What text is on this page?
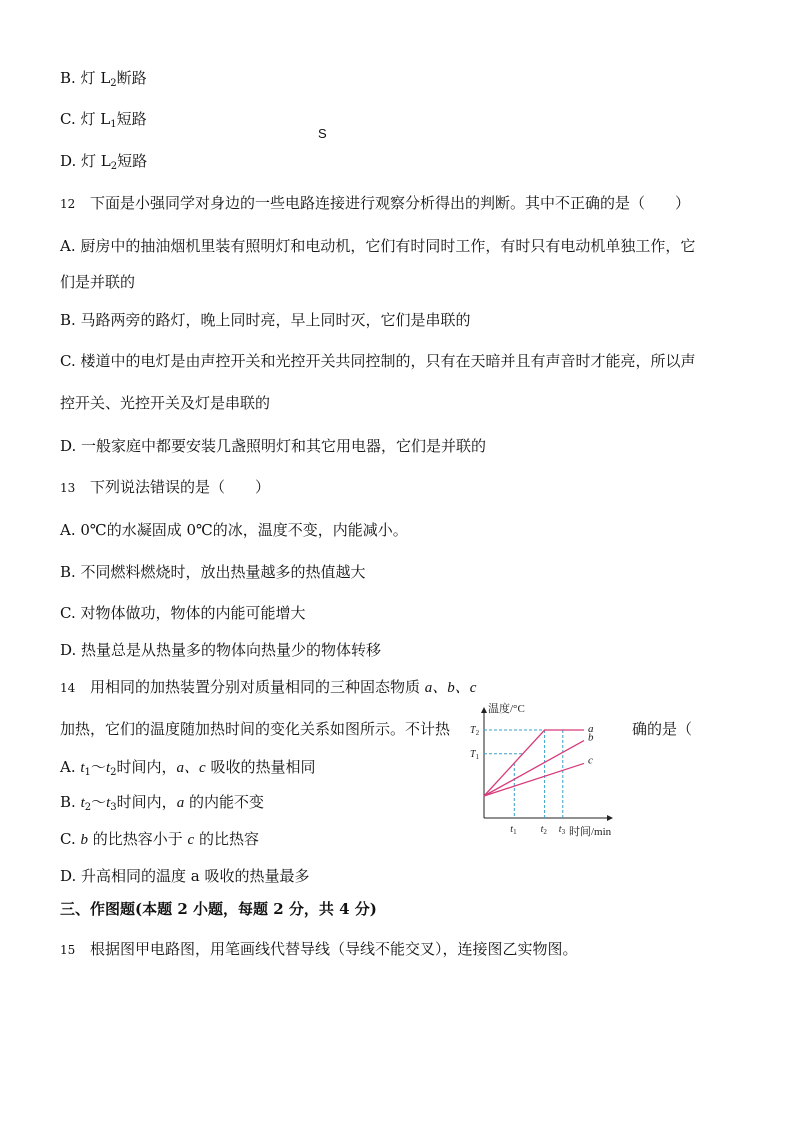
B. 灯 $L_2$断路
C. 灯 $L_1$短路
S
D. 灯 $L_2$短路
12 下面是小强同学对身边的一些电路连接进行观察分析得出的判断。其中不正确的是（　　）
A. 厨房中的抽油烟机里装有照明灯和电动机，它们有时同时工作，有时只有电动机单独工作，它
们是并联的
B. 马路两旁的路灯，晚上同时亮，早上同时灭，它们是串联的
C. 楼道中的电灯是由声控开关和光控开关共同控制的，只有在天暗并且有声音时才能亮，所以声
控开关、光控开关及灯是串联的
D. 一般家庭中都要安装几盏照明灯和其它用电器，它们是并联的
13 下列说法错误的是（　　）
A. 0℃的水凝固成 0℃的冰，温度不变，内能减小。
B. 不同燃料燃烧时，放出热量越多的热值越大
C. 对物体做功，物体的内能可能增大
D. 热量总是从热量多的物体向热量少的物体转移
14 用相同的加热装置分别对质量相同的三种固态物质 a、b、c
加热，它们的温度随加热时间的变化关系如图所示。不计热	确的是（
A. $t_1\sim t_2$时间内，a、c 吸收的热量相同
B. $t_2\sim t_3$时间内，a 的内能不变
C. b 的比热容小于 c 的比热容
D. 升高相同的温度 a 吸收的热量最多
三、作图题(本题 2 小题，每题 2 分，共 4 分)
15 根据图甲电路图，用笔画线代替导线（导线不能交叉），连接图乙实物图。
温度/°C
时间/min
a
b
c
$t_1$ $t_2$ $t_3$
$T_1$
$T_2$
